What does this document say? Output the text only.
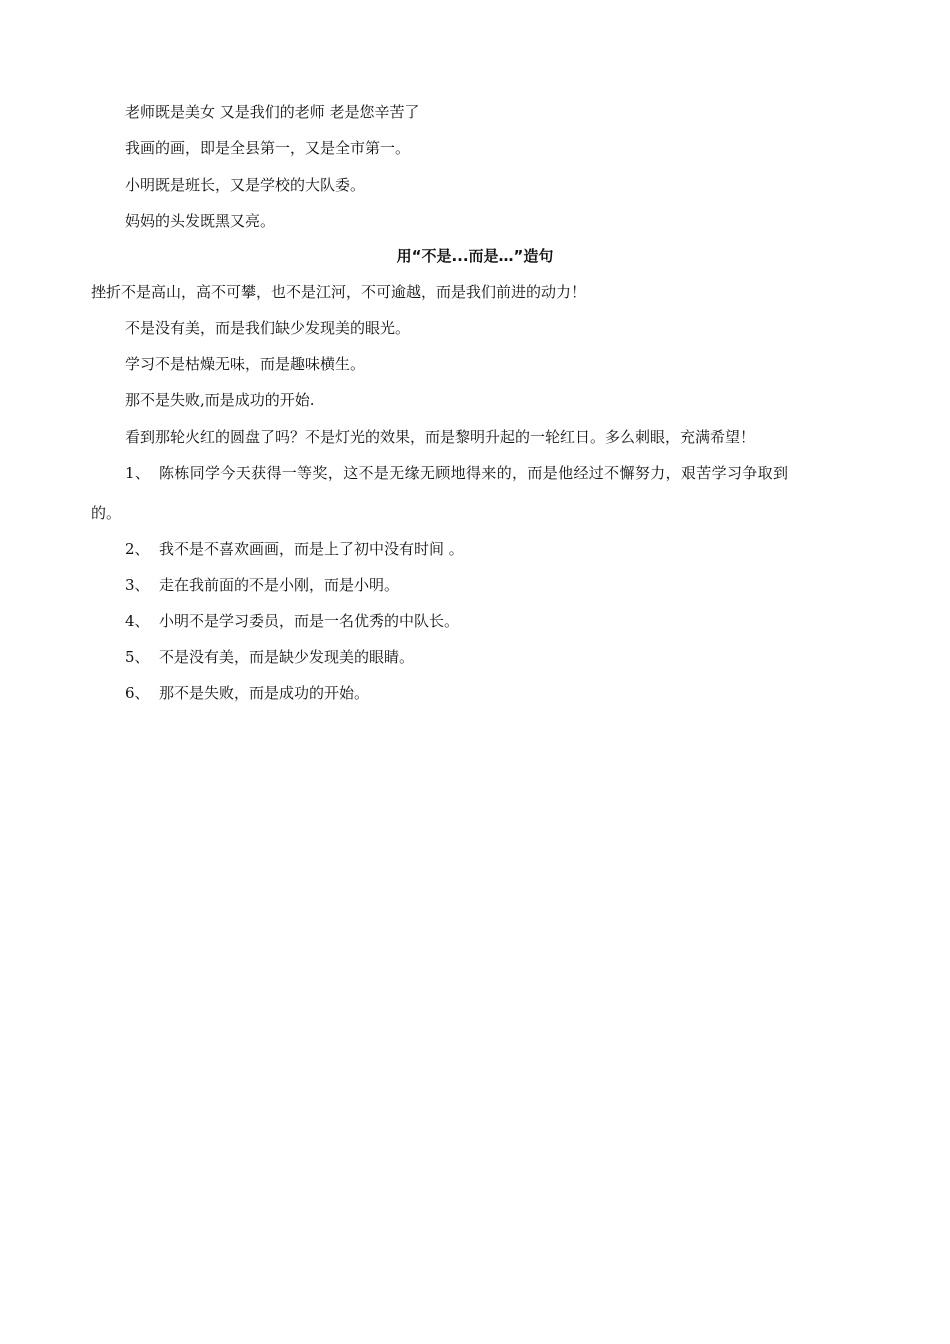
老师既是美女 又是我们的老师 老是您辛苦了
我画的画，即是全县第一，又是全市第一。
小明既是班长，又是学校的大队委。
妈妈的头发既黑又亮。
用“不是...而是…”造句
挫折不是高山，高不可攀，也不是江河，不可逾越，而是我们前进的动力！
不是没有美，而是我们缺少发现美的眼光。
学习不是枯燥无味，而是趣味横生。
那不是失败,而是成功的开始.
看到那轮火红的圆盘了吗？不是灯光的效果，而是黎明升起的一轮红日。多么刺眼，充满希望！
1、 陈栋同学今天获得一等奖，这不是无缘无顾地得来的，而是他经过不懈努力，艰苦学习争取到
的。
2、 我不是不喜欢画画，而是上了初中没有时间 。
3、 走在我前面的不是小刚，而是小明。
4、 小明不是学习委员，而是一名优秀的中队长。
5、 不是没有美，而是缺少发现美的眼睛。
6、 那不是失败，而是成功的开始。
